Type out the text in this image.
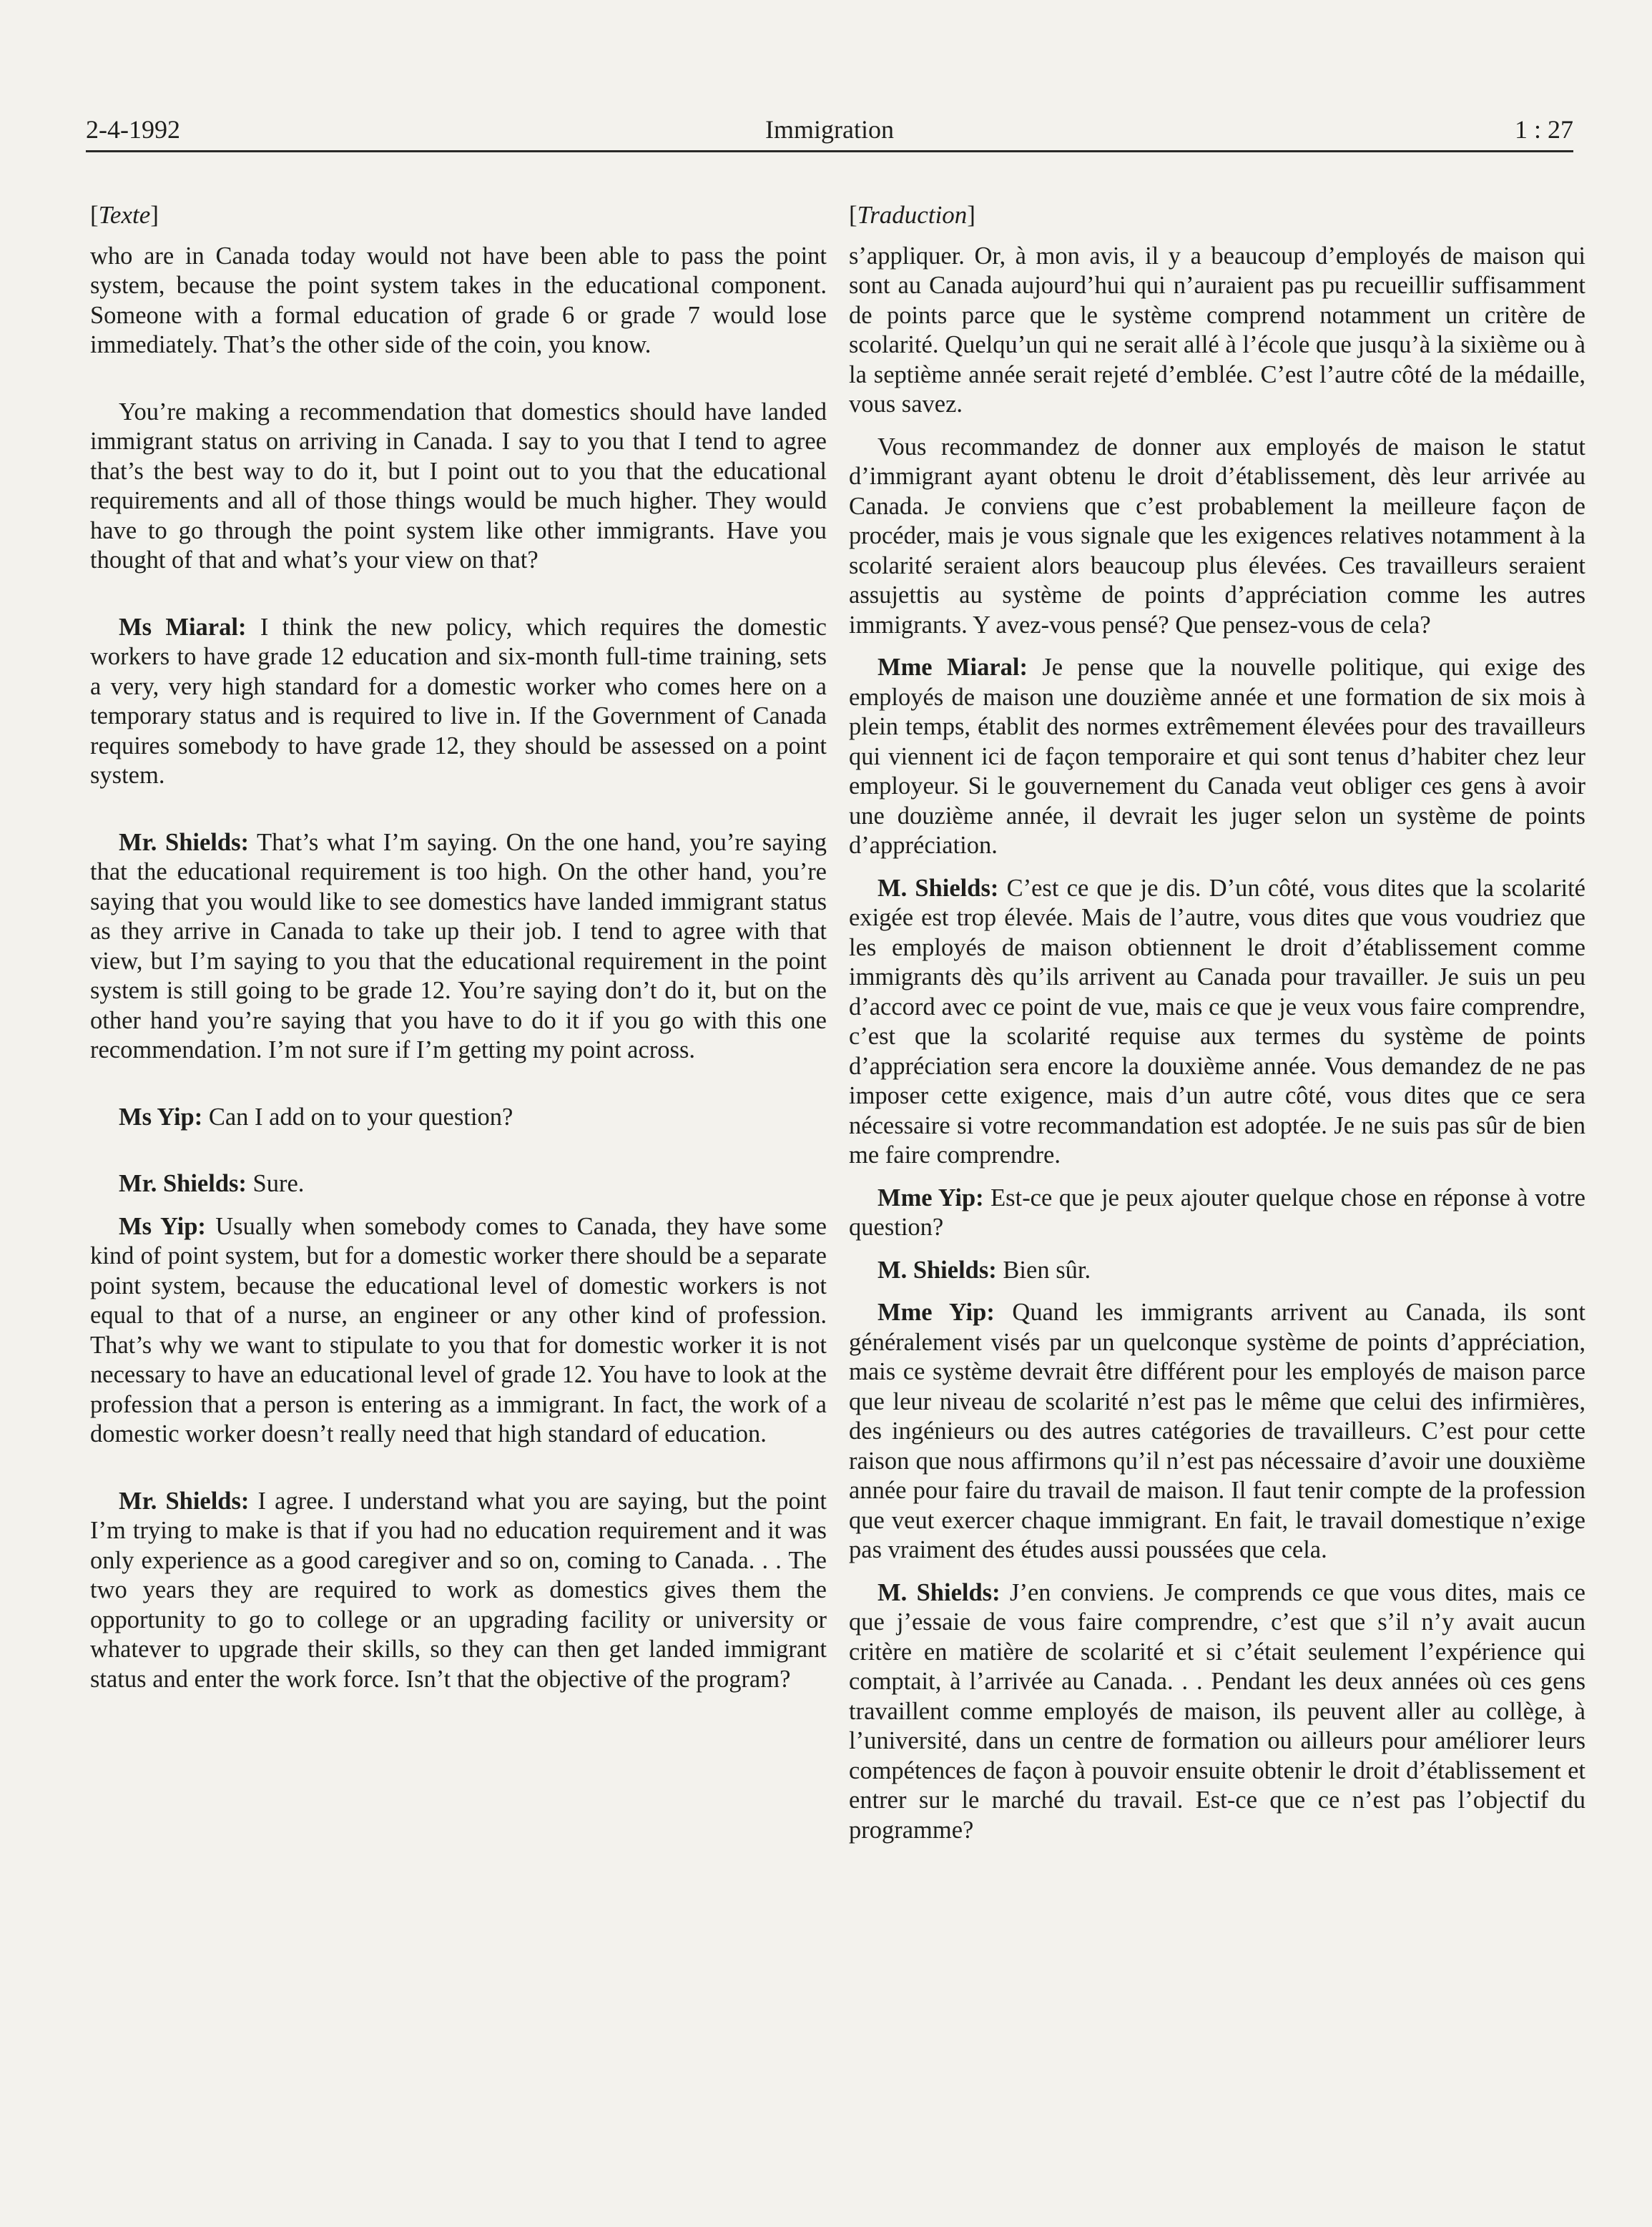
2-4-1992	Immigration	1 : 27
[Texte]

who are in Canada today would not have been able to pass the point system, because the point system takes in the educational component. Someone with a formal education of grade 6 or grade 7 would lose immediately. That’s the other side of the coin, you know.

You’re making a recommendation that domestics should have landed immigrant status on arriving in Canada. I say to you that I tend to agree that’s the best way to do it, but I point out to you that the educational requirements and all of those things would be much higher. They would have to go through the point system like other immigrants. Have you thought of that and what’s your view on that?

Ms Miaral: I think the new policy, which requires the domestic workers to have grade 12 education and six-month full-time training, sets a very, very high standard for a domestic worker who comes here on a temporary status and is required to live in. If the Government of Canada requires somebody to have grade 12, they should be assessed on a point system.

Mr. Shields: That’s what I’m saying. On the one hand, you’re saying that the educational requirement is too high. On the other hand, you’re saying that you would like to see domestics have landed immigrant status as they arrive in Canada to take up their job. I tend to agree with that view, but I’m saying to you that the educational requirement in the point system is still going to be grade 12. You’re saying don’t do it, but on the other hand you’re saying that you have to do it if you go with this one recommendation. I’m not sure if I’m getting my point across.

Ms Yip: Can I add on to your question?

Mr. Shields: Sure.

Ms Yip: Usually when somebody comes to Canada, they have some kind of point system, but for a domestic worker there should be a separate point system, because the educational level of domestic workers is not equal to that of a nurse, an engineer or any other kind of profession. That’s why we want to stipulate to you that for domestic worker it is not necessary to have an educational level of grade 12. You have to look at the profession that a person is entering as a immigrant. In fact, the work of a domestic worker doesn’t really need that high standard of education.

Mr. Shields: I agree. I understand what you are saying, but the point I’m trying to make is that if you had no education requirement and it was only experience as a good caregiver and so on, coming to Canada. . . The two years they are required to work as domestics gives them the opportunity to go to college or an upgrading facility or university or whatever to upgrade their skills, so they can then get landed immigrant status and enter the work force. Isn’t that the objective of the program?

[Traduction]

s’appliquer. Or, à mon avis, il y a beaucoup d’employés de maison qui sont au Canada aujourd’hui qui n’auraient pas pu recueillir suffisamment de points parce que le système comprend notamment un critère de scolarité. Quelqu’un qui ne serait allé à l’école que jusqu’à la sixième ou à la septième année serait rejeté d’emblée. C’est l’autre côté de la médaille, vous savez.

Vous recommandez de donner aux employés de maison le statut d’immigrant ayant obtenu le droit d’établissement, dès leur arrivée au Canada. Je conviens que c’est probablement la meilleure façon de procéder, mais je vous signale que les exigences relatives notamment à la scolarité seraient alors beaucoup plus élevées. Ces travailleurs seraient assujettis au système de points d’appréciation comme les autres immigrants. Y avez-vous pensé? Que pensez-vous de cela?

Mme Miaral: Je pense que la nouvelle politique, qui exige des employés de maison une douzième année et une formation de six mois à plein temps, établit des normes extrêmement élevées pour des travailleurs qui viennent ici de façon temporaire et qui sont tenus d’habiter chez leur employeur. Si le gouvernement du Canada veut obliger ces gens à avoir une douzième année, il devrait les juger selon un système de points d’appréciation.

M. Shields: C’est ce que je dis. D’un côté, vous dites que la scolarité exigée est trop élevée. Mais de l’autre, vous dites que vous voudriez que les employés de maison obtiennent le droit d’établissement comme immigrants dès qu’ils arrivent au Canada pour travailler. Je suis un peu d’accord avec ce point de vue, mais ce que je veux vous faire comprendre, c’est que la scolarité requise aux termes du système de points d’appréciation sera encore la douxième année. Vous demandez de ne pas imposer cette exigence, mais d’un autre côté, vous dites que ce sera nécessaire si votre recommandation est adoptée. Je ne suis pas sûr de bien me faire comprendre.

Mme Yip: Est-ce que je peux ajouter quelque chose en réponse à votre question?

M. Shields: Bien sûr.

Mme Yip: Quand les immigrants arrivent au Canada, ils sont généralement visés par un quelconque système de points d’appréciation, mais ce système devrait être différent pour les employés de maison parce que leur niveau de scolarité n’est pas le même que celui des infirmières, des ingénieurs ou des autres catégories de travailleurs. C’est pour cette raison que nous affirmons qu’il n’est pas nécessaire d’avoir une douxième année pour faire du travail de maison. Il faut tenir compte de la profession que veut exercer chaque immigrant. En fait, le travail domestique n’exige pas vraiment des études aussi poussées que cela.

M. Shields: J’en conviens. Je comprends ce que vous dites, mais ce que j’essaie de vous faire comprendre, c’est que s’il n’y avait aucun critère en matière de scolarité et si c’était seulement l’expérience qui comptait, à l’arrivée au Canada. . . Pendant les deux années où ces gens travaillent comme employés de maison, ils peuvent aller au collège, à l’université, dans un centre de formation ou ailleurs pour améliorer leurs compétences de façon à pouvoir ensuite obtenir le droit d’établissement et entrer sur le marché du travail. Est-ce que ce n’est pas l’objectif du programme?
